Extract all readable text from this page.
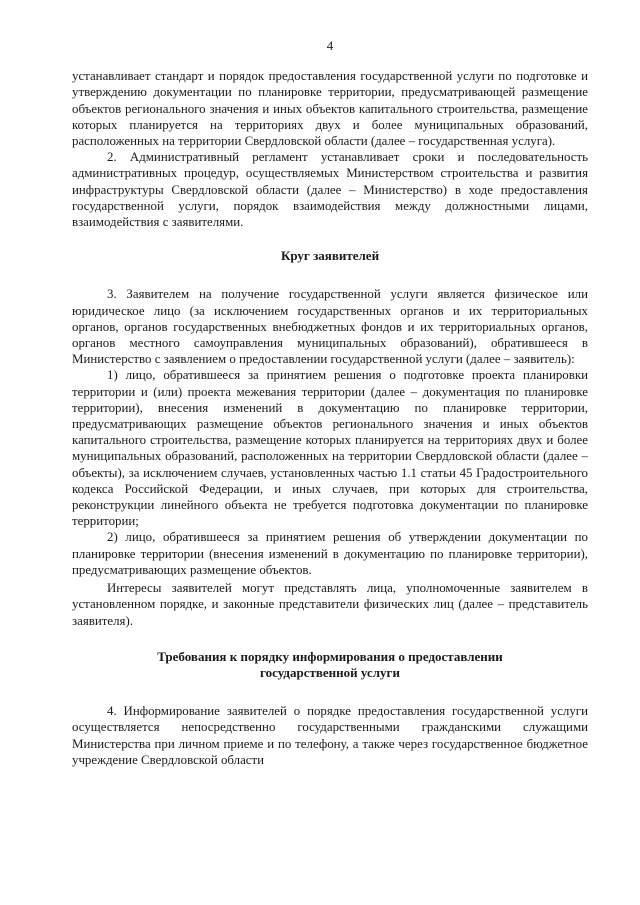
4

устанавливает стандарт и порядок предоставления государственной услуги по подготовке и утверждению документации по планировке территории, предусматривающей размещение объектов регионального значения и иных объектов капитального строительства, размещение которых планируется на территориях двух и более муниципальных образований, расположенных на территории Свердловской области (далее – государственная услуга).

2. Административный регламент устанавливает сроки и последовательность административных процедур, осуществляемых Министерством строительства и развития инфраструктуры Свердловской области (далее – Министерство) в ходе предоставления государственной услуги, порядок взаимодействия между должностными лицами, взаимодействия с заявителями.

Круг заявителей

3. Заявителем на получение государственной услуги является физическое или юридическое лицо (за исключением государственных органов и их территориальных органов, органов государственных внебюджетных фондов и их территориальных органов, органов местного самоуправления муниципальных образований), обратившееся в Министерство с заявлением о предоставлении государственной услуги (далее – заявитель):

1) лицо, обратившееся за принятием решения о подготовке проекта планировки территории и (или) проекта межевания территории (далее – документация по планировке территории), внесения изменений в документацию по планировке территории, предусматривающих размещение объектов регионального значения и иных объектов капитального строительства, размещение которых планируется на территориях двух и более муниципальных образований, расположенных на территории Свердловской области (далее – объекты), за исключением случаев, установленных частью 1.1 статьи 45 Градостроительного кодекса Российской Федерации, и иных случаев, при которых для строительства, реконструкции линейного объекта не требуется подготовка документации по планировке территории;

2) лицо, обратившееся за принятием решения об утверждении документации по планировке территории (внесения изменений в документацию по планировке территории), предусматривающих размещение объектов.

Интересы заявителей могут представлять лица, уполномоченные заявителем в установленном порядке, и законные представители физических лиц (далее – представитель заявителя).

Требования к порядку информирования о предоставлении государственной услуги

4. Информирование заявителей о порядке предоставления государственной услуги осуществляется непосредственно государственными гражданскими служащими Министерства при личном приеме и по телефону, а также через государственное бюджетное учреждение Свердловской области
